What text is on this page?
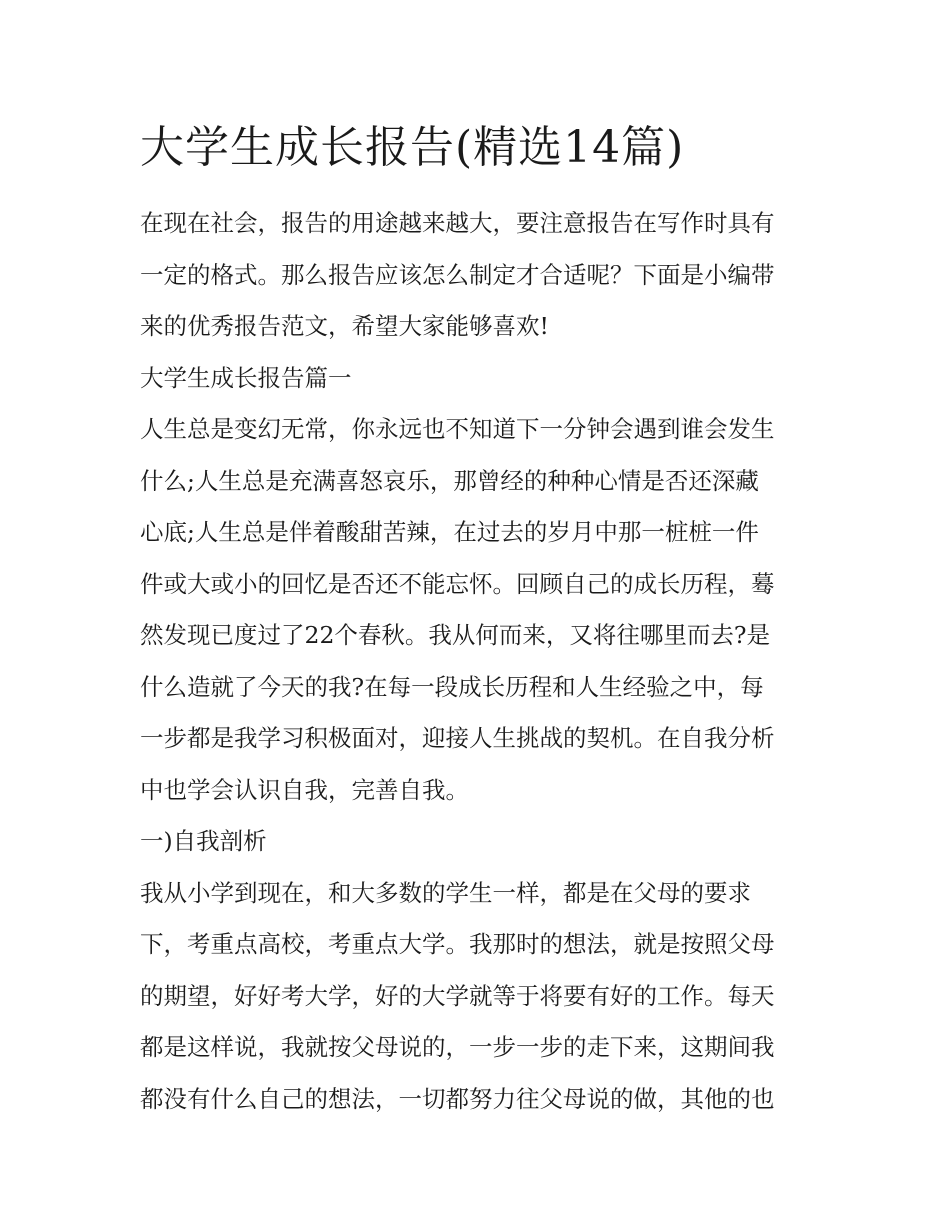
大学生成长报告(精选14篇)
在现在社会，报告的用途越来越大，要注意报告在写作时具有
一定的格式。那么报告应该怎么制定才合适呢？下面是小编带
来的优秀报告范文，希望大家能够喜欢!
大学生成长报告篇一
人生总是变幻无常，你永远也不知道下一分钟会遇到谁会发生
什么;人生总是充满喜怒哀乐，那曾经的种种心情是否还深藏
心底;人生总是伴着酸甜苦辣，在过去的岁月中那一桩桩一件
件或大或小的回忆是否还不能忘怀。回顾自己的成长历程，蓦
然发现已度过了22个春秋。我从何而来，又将往哪里而去?是
什么造就了今天的我?在每一段成长历程和人生经验之中，每
一步都是我学习积极面对，迎接人生挑战的契机。在自我分析
中也学会认识自我，完善自我。
一)自我剖析
我从小学到现在，和大多数的学生一样，都是在父母的要求
下，考重点高校，考重点大学。我那时的想法，就是按照父母
的期望，好好考大学，好的大学就等于将要有好的工作。每天
都是这样说，我就按父母说的，一步一步的走下来，这期间我
都没有什么自己的想法，一切都努力往父母说的做，其他的也
